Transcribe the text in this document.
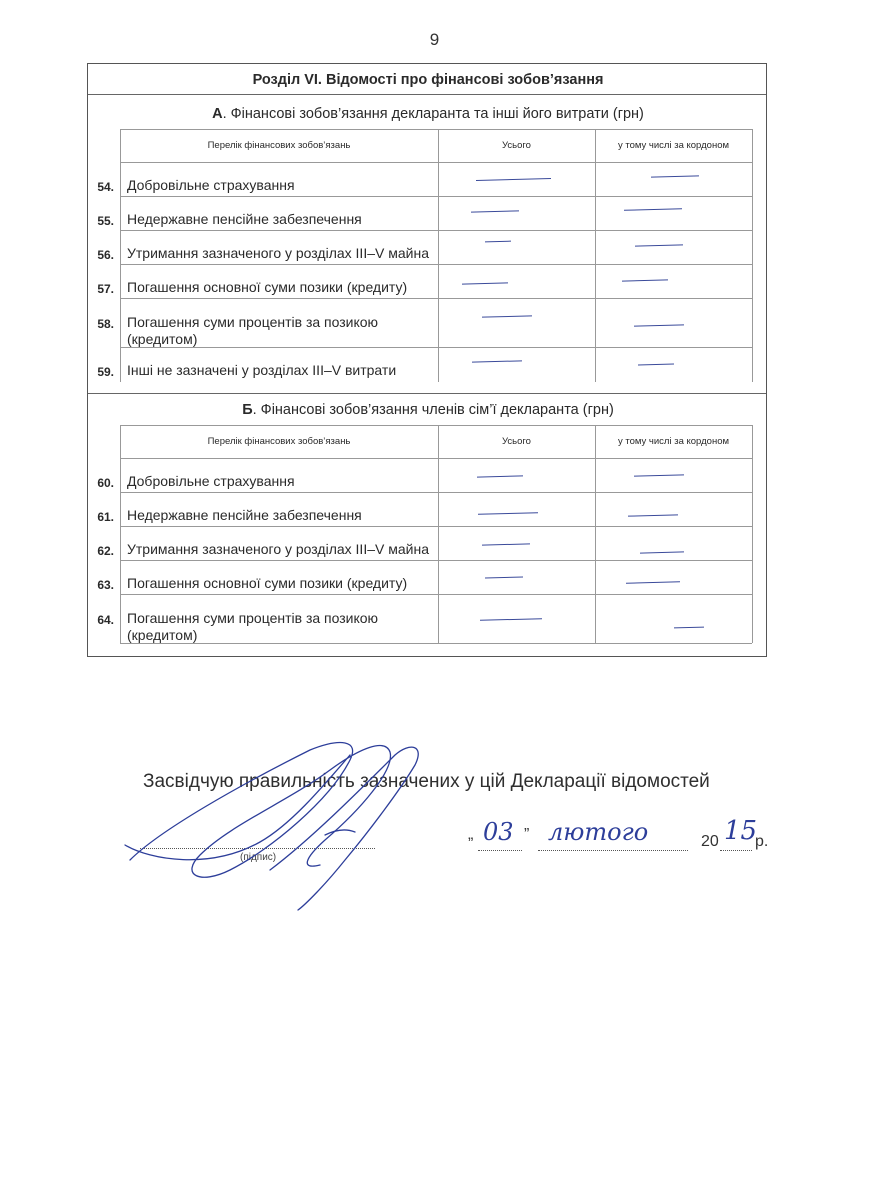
9
Розділ VI. Відомості про фінансові зобов’язання
А. Фінансові зобов’язання декларанта та інші його витрати (грн)
Перелік фінансових зобов’язань	Усього	у тому числі за кордоном
54. Добровільне страхування
55. Недержавне пенсійне забезпечення
56. Утримання зазначеного у розділах III–V майна
57. Погашення основної суми позики (кредиту)
58. Погашення суми процентів за позикою (кредитом)
59. Інші не зазначені у розділах III–V витрати
Б. Фінансові зобов’язання членів сім’ї декларанта (грн)
Перелік фінансових зобов’язань	Усього	у тому числі за кордоном
60. Добровільне страхування
61. Недержавне пенсійне забезпечення
62. Утримання зазначеного у розділах III–V майна
63. Погашення основної суми позики (кредиту)
64. Погашення суми процентів за позикою (кредитом)
Засвідчую правильність зазначених у цій Декларації відомостей
(підпис)
„ 03 ” лютого	20 15
р.
